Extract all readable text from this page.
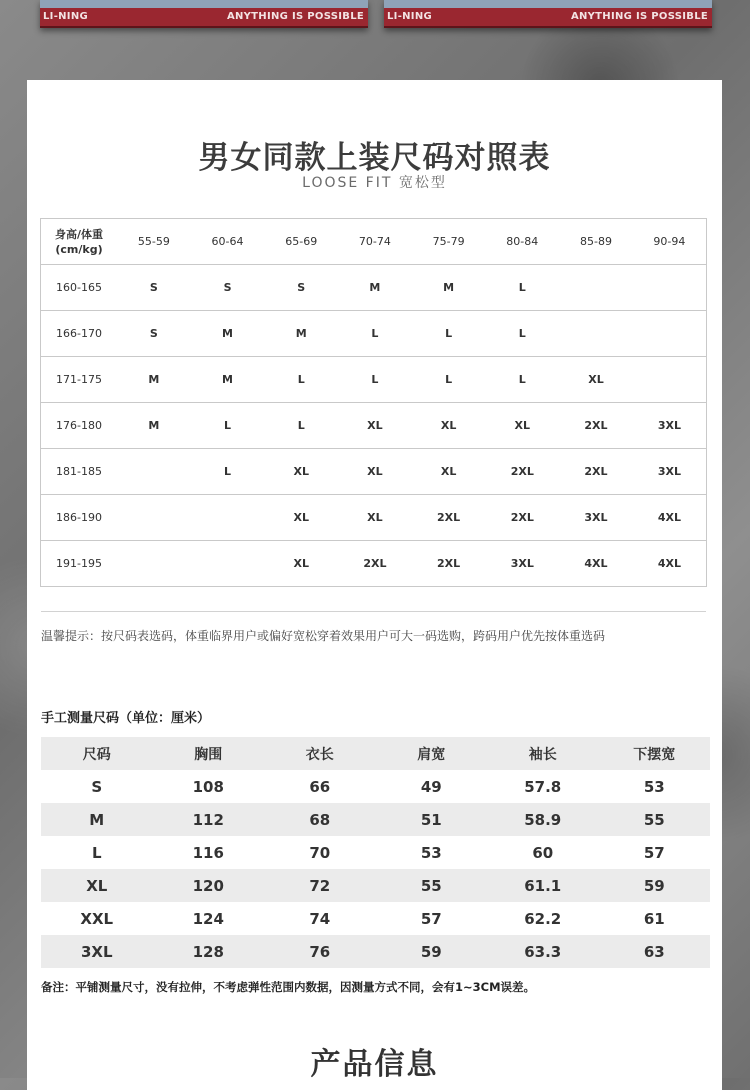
LI-NING	ANYTHING IS POSSIBLE LI-NING	ANYTHING IS POSSIBLE
男女同款上装尺码对照表
LOOSE FIT 宽松型
身高/体重
(cm/kg)	55-59	60-64	65-69	70-74	75-79	80-84	85-89	90-94
160-165	S	S	S	M	M	L		
166-170	S	M	M	L	L	L		
171-175	M	M	L	L	L	L	XL	
176-180	M	L	L	XL	XL	XL	2XL	3XL
181-185		L	XL	XL	XL	2XL	2XL	3XL
186-190			XL	XL	2XL	2XL	3XL	4XL
191-195			XL	2XL	2XL	3XL	4XL	4XL
温馨提示：按尺码表选码，体重临界用户或偏好宽松穿着效果用户可大一码选购，跨码用户优先按体重选码
手工测量尺码（单位：厘米）
尺码	胸围	衣长	肩宽	袖长	下摆宽
S	108	66	49	57.8	53
M	112	68	51	58.9	55
L	116	70	53	60	57
XL	120	72	55	61.1	59
XXL	124	74	57	62.2	61
3XL	128	76	59	63.3	63
备注：平铺测量尺寸，没有拉伸，不考虑弹性范围内数据，因测量方式不同，会有1~3CM误差。
产品信息
